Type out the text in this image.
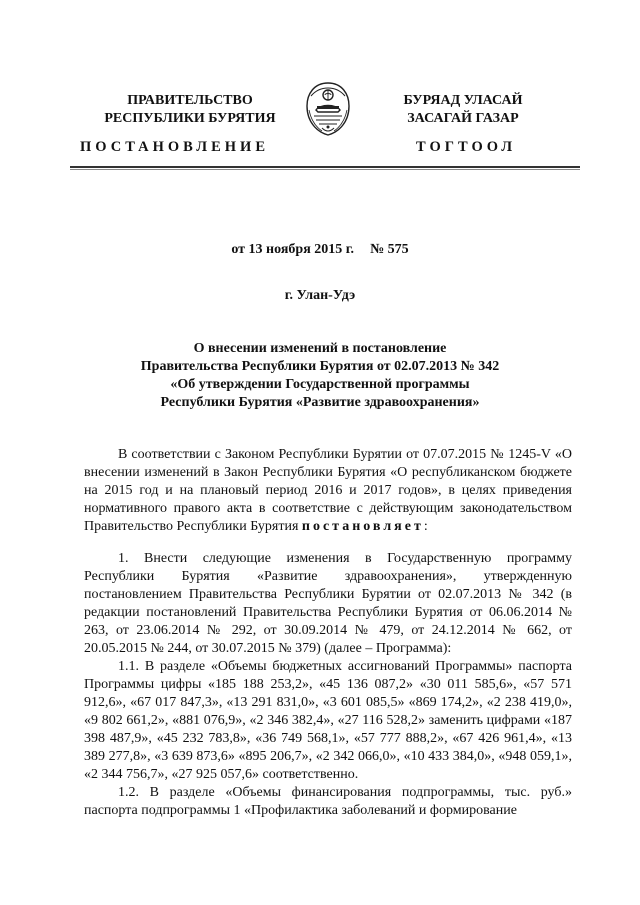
ПРАВИТЕЛЬСТВО
РЕСПУБЛИКИ БУРЯТИЯ
БУРЯАД УЛАСАЙ
ЗАСАГАЙ ГАЗАР
ПОСТАНОВЛЕНИЕ	ТОГТООЛ
от 13 ноября 2015 г. № 575
г. Улан-Удэ
О внесении изменений в постановление
Правительства Республики Бурятия от 02.07.2013 № 342
«Об утверждении Государственной программы
Республики Бурятия «Развитие здравоохранения»

В соответствии с Законом Республики Бурятии от 07.07.2015 № 1245-V «О внесении изменений в Закон Республики Бурятия «О республиканском бюджете на 2015 год и на плановый период 2016 и 2017 годов», в целях приведения нормативного правого акта в соответствие с действующим законодательством Правительство Республики Бурятия постановляет:

1. Внести следующие изменения в Государственную программу Республики Бурятия «Развитие здравоохранения», утвержденную постановлением Правительства Республики Бурятии от 02.07.2013 № 342 (в редакции постановлений Правительства Республики Бурятия от 06.06.2014 № 263, от 23.06.2014 № 292, от 30.09.2014 № 479, от 24.12.2014 № 662, от 20.05.2015 № 244, от 30.07.2015 № 379) (далее – Программа):

1.1. В разделе «Объемы бюджетных ассигнований Программы» паспорта Программы цифры «185 188 253,2», «45 136 087,2» «30 011 585,6», «57 571 912,6», «67 017 847,3», «13 291 831,0», «3 601 085,5» «869 174,2», «2 238 419,0», «9 802 661,2», «881 076,9», «2 346 382,4», «27 116 528,2» заменить цифрами «187 398 487,9», «45 232 783,8», «36 749 568,1», «57 777 888,2», «67 426 961,4», «13 389 277,8», «3 639 873,6» «895 206,7», «2 342 066,0», «10 433 384,0», «948 059,1», «2 344 756,7», «27 925 057,6» соответственно.

1.2. В разделе «Объемы финансирования подпрограммы, тыс. руб.» паспорта подпрограммы 1 «Профилактика заболеваний и формирование
